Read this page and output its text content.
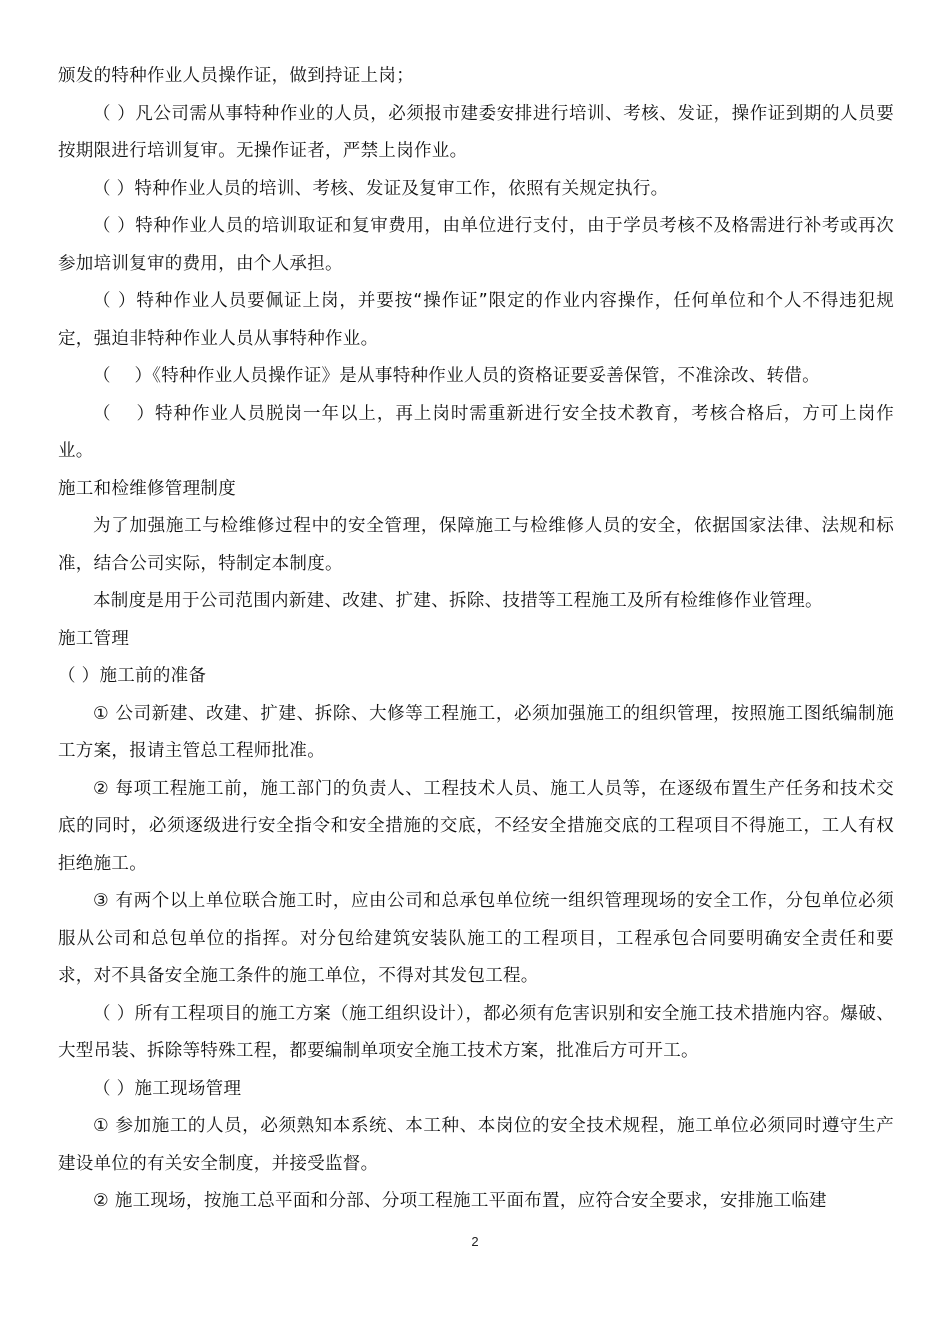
颁发的特种作业人员操作证，做到持证上岗；

（ ）凡公司需从事特种作业的人员，必须报市建委安排进行培训、考核、发证，操作证到期的人员要按期限进行培训复审。无操作证者，严禁上岗作业。

（ ）特种作业人员的培训、考核、发证及复审工作，依照有关规定执行。

（ ）特种作业人员的培训取证和复审费用，由单位进行支付，由于学员考核不及格需进行补考或再次参加培训复审的费用，由个人承担。

（ ）特种作业人员要佩证上岗，并要按“操作证”限定的作业内容操作，任何单位和个人不得违犯规定，强迫非特种作业人员从事特种作业。

（　 ）《特种作业人员操作证》是从事特种作业人员的资格证要妥善保管，不准涂改、转借。

（　 ）特种作业人员脱岗一年以上，再上岗时需重新进行安全技术教育，考核合格后，方可上岗作业。

施工和检维修管理制度

为了加强施工与检维修过程中的安全管理，保障施工与检维修人员的安全，依据国家法律、法规和标准，结合公司实际，特制定本制度。

本制度是用于公司范围内新建、改建、扩建、拆除、技措等工程施工及所有检维修作业管理。

施工管理

（ ）施工前的准备

① 公司新建、改建、扩建、拆除、大修等工程施工，必须加强施工的组织管理，按照施工图纸编制施工方案，报请主管总工程师批准。

② 每项工程施工前，施工部门的负责人、工程技术人员、施工人员等，在逐级布置生产任务和技术交底的同时，必须逐级进行安全指令和安全措施的交底，不经安全措施交底的工程项目不得施工，工人有权拒绝施工。

③ 有两个以上单位联合施工时，应由公司和总承包单位统一组织管理现场的安全工作，分包单位必须服从公司和总包单位的指挥。对分包给建筑安装队施工的工程项目，工程承包合同要明确安全责任和要求，对不具备安全施工条件的施工单位，不得对其发包工程。

（ ）所有工程项目的施工方案（施工组织设计），都必须有危害识别和安全施工技术措施内容。爆破、大型吊装、拆除等特殊工程，都要编制单项安全施工技术方案，批准后方可开工。

（ ）施工现场管理

① 参加施工的人员，必须熟知本系统、本工种、本岗位的安全技术规程，施工单位必须同时遵守生产建设单位的有关安全制度，并接受监督。

② 施工现场，按施工总平面和分部、分项工程施工平面布置，应符合安全要求，安排施工临建

2
